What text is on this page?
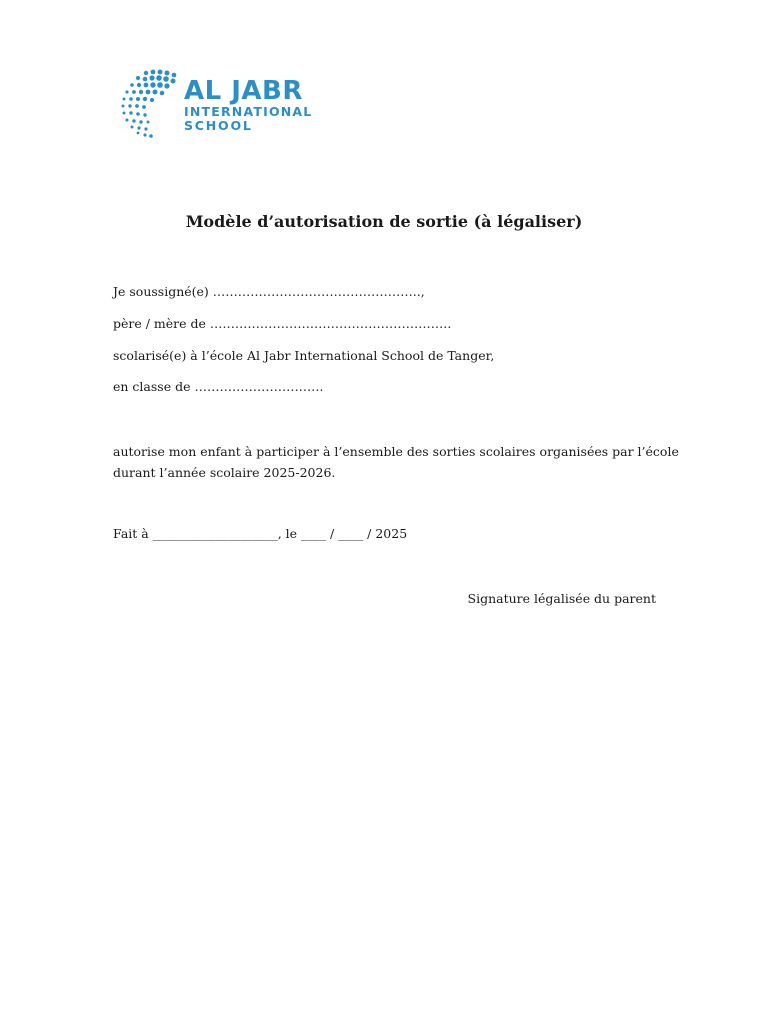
AL JABR
INTERNATIONAL
SCHOOL
Modèle d’autorisation de sortie (à légaliser)
Je soussigné(e) …………………………………………..,
père / mère de ………………………………………………….
scolarisé(e) à l’école Al Jabr International School de Tanger,
en classe de ………………………….
autorise mon enfant à participer à l’ensemble des sorties scolaires organisées par l’école
durant l’année scolaire 2025-2026.
Fait à ____________________, le ____ / ____ / 2025
Signature légalisée du parent
